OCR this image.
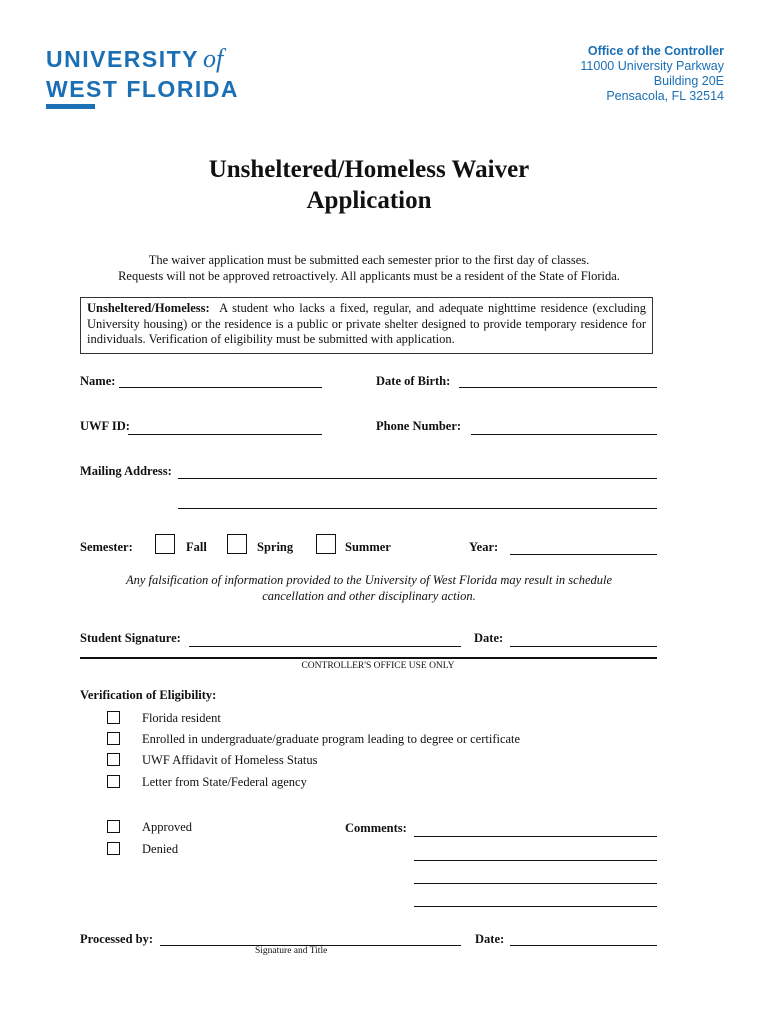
UNIVERSITY of
WEST FLORIDA
Office of the Controller
11000 University Parkway
Building 20E
Pensacola, FL 32514
Unsheltered/Homeless Waiver
Application
The waiver application must be submitted each semester prior to the first day of classes.
Requests will not be approved retroactively. All applicants must be a resident of the State of Florida.
Unsheltered/Homeless: A student who lacks a fixed, regular, and adequate nighttime residence (excluding University housing) or the residence is a public or private shelter designed to provide temporary residence for individuals. Verification of eligibility must be submitted with application.
Name:	Date of Birth:
UWF ID:	Phone Number:
Mailing Address:
Semester:	Fall	Spring	Summer	Year:
Any falsification of information provided to the University of West Florida may result in schedule
cancellation and other disciplinary action.
Student Signature:	Date:
CONTROLLER'S OFFICE USE ONLY
Verification of Eligibility:
Florida resident
Enrolled in undergraduate/graduate program leading to degree or certificate
UWF Affidavit of Homeless Status
Letter from State/Federal agency
Approved
Denied
Comments:
Processed by:	Date:
Signature and Title
